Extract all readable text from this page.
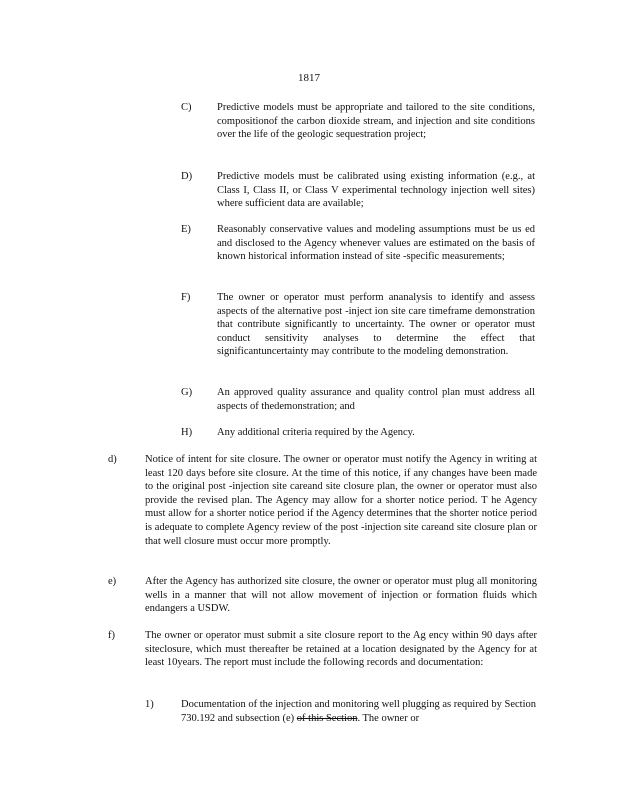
1817
C) Predictive models must be appropriate and tailored to the site conditions, compositionof the carbon dioxide stream, and injection and site conditions over the life of the geologic sequestration project;
D) Predictive models must be calibrated using existing information (e.g., at Class I, Class II, or Class V experimental technology injection well sites) where sufficient data are available;
E) Reasonably conservative values and modeling assumptions must be us ed and disclosed to the Agency whenever values are estimated on the basis of known historical information instead of site -specific measurements;
F)	The owner or operator must perform ananalysis to identify and assess aspects of the alternative post -inject ion site care timeframe demonstration that contribute significantly to uncertainty. The owner or operator must conduct sensitivity analyses to determine the effect that significantuncertainty may contribute to the modeling demonstration.
G) An approved quality assurance and quality control plan must address all aspects of thedemonstration; and
H) Any additional criteria required by the Agency.
d)	Notice of intent for site closure. The owner or operator must notify the Agency in writing at least 120 days before site closure. At the time of this notice, if any changes have been made to the original post -injection site careand site closure plan, the owner or operator must also provide the revised plan. The Agency may allow for a shorter notice period. T he Agency must allow for a shorter notice period if the Agency determines that the shorter notice period is adequate to complete Agency review of the post -injection site careand site closure plan or that well closure must occur more promptly.
e)	After the Agency has authorized site closure, the owner or operator must plug all monitoring wells in a manner that will not allow movement of injection or formation fluids which endangers a USDW.
f)	The owner or operator must submit a site closure report to the Ag ency within 90 days after siteclosure, which must thereafter be retained at a location designated by the Agency for at least 10years. The report must include the following records and documentation:
1)	Documentation of the injection and monitoring well plugging as required by Section 730.192 and subsection (e) of this Section. The owner or
